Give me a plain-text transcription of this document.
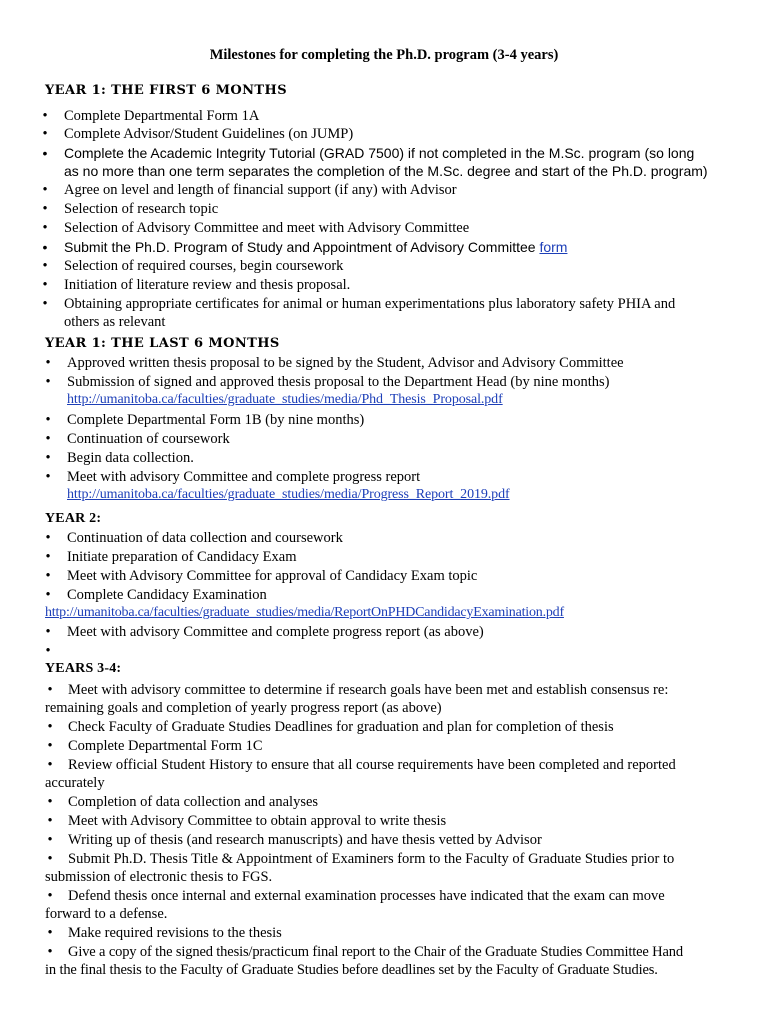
Milestones for completing the Ph.D. program (3-4 years)
YEAR 1: THE FIRST 6 MONTHS
• Complete Departmental Form 1A
• Complete Advisor/Student Guidelines (on JUMP)
• Complete the Academic Integrity Tutorial (GRAD 7500) if not completed in the M.Sc. program (so long
as no more than one term separates the completion of the M.Sc. degree and start of the Ph.D. program)
• Agree on level and length of financial support (if any) with Advisor
• Selection of research topic
• Selection of Advisory Committee and meet with Advisory Committee
• Submit the Ph.D. Program of Study and Appointment of Advisory Committee form
• Selection of required courses, begin coursework
• Initiation of literature review and thesis proposal.
• Obtaining appropriate certificates for animal or human experimentations plus laboratory safety PHIA and
others as relevant
YEAR 1: THE LAST 6 MONTHS
• Approved written thesis proposal to be signed by the Student, Advisor and Advisory Committee
• Submission of signed and approved thesis proposal to the Department Head (by nine months)
http://umanitoba.ca/faculties/graduate_studies/media/Phd_Thesis_Proposal.pdf
• Complete Departmental Form 1B (by nine months)
• Continuation of coursework
• Begin data collection.
• Meet with advisory Committee and complete progress report
http://umanitoba.ca/faculties/graduate_studies/media/Progress_Report_2019.pdf
YEAR 2:
• Continuation of data collection and coursework
• Initiate preparation of Candidacy Exam
• Meet with Advisory Committee for approval of Candidacy Exam topic
• Complete Candidacy Examination
http://umanitoba.ca/faculties/graduate_studies/media/ReportOnPHDCandidacyExamination.pdf
• Meet with advisory Committee and complete progress report (as above)
•
YEARS 3-4:
• Meet with advisory committee to determine if research goals have been met and establish consensus re:
remaining goals and completion of yearly progress report (as above)
• Check Faculty of Graduate Studies Deadlines for graduation and plan for completion of thesis
• Complete Departmental Form 1C
• Review official Student History to ensure that all course requirements have been completed and reported
accurately
• Completion of data collection and analyses
• Meet with Advisory Committee to obtain approval to write thesis
• Writing up of thesis (and research manuscripts) and have thesis vetted by Advisor
• Submit Ph.D. Thesis Title & Appointment of Examiners form to the Faculty of Graduate Studies prior to
submission of electronic thesis to FGS.
• Defend thesis once internal and external examination processes have indicated that the exam can move
forward to a defense.
• Make required revisions to the thesis
• Give a copy of the signed thesis/practicum final report to the Chair of the Graduate Studies Committee Hand
in the final thesis to the Faculty of Graduate Studies before deadlines set by the Faculty of Graduate Studies.
